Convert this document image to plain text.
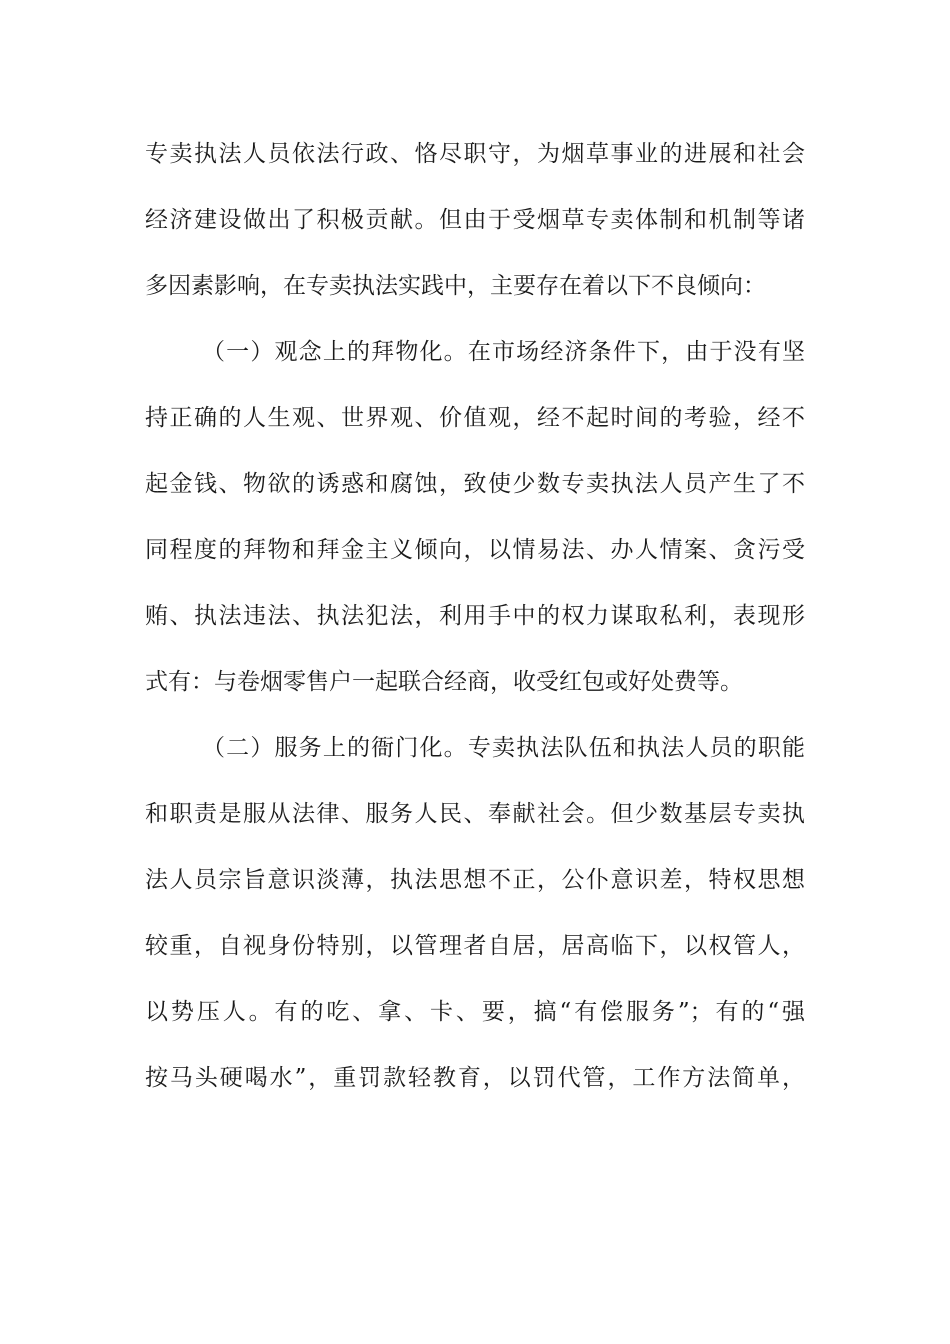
专卖执法人员依法行政、恪尽职守，为烟草事业的进展和社会
经济建设做出了积极贡献。但由于受烟草专卖体制和机制等诸
多因素影响，在专卖执法实践中，主要存在着以下不良倾向：
（一）观念上的拜物化。在市场经济条件下，由于没有坚
持正确的人生观、世界观、价值观，经不起时间的考验，经不
起金钱、物欲的诱惑和腐蚀，致使少数专卖执法人员产生了不
同程度的拜物和拜金主义倾向，以情易法、办人情案、贪污受
贿、执法违法、执法犯法，利用手中的权力谋取私利，表现形
式有：与卷烟零售户一起联合经商，收受红包或好处费等。
（二）服务上的衙门化。专卖执法队伍和执法人员的职能
和职责是服从法律、服务人民、奉献社会。但少数基层专卖执
法人员宗旨意识淡薄，执法思想不正，公仆意识差，特权思想
较重，自视身份特别，以管理者自居，居高临下，以权管人，
以势压人。有的吃、拿、卡、要，搞“有偿服务”；有的“强
按马头硬喝水”，重罚款轻教育，以罚代管，工作方法简单，
